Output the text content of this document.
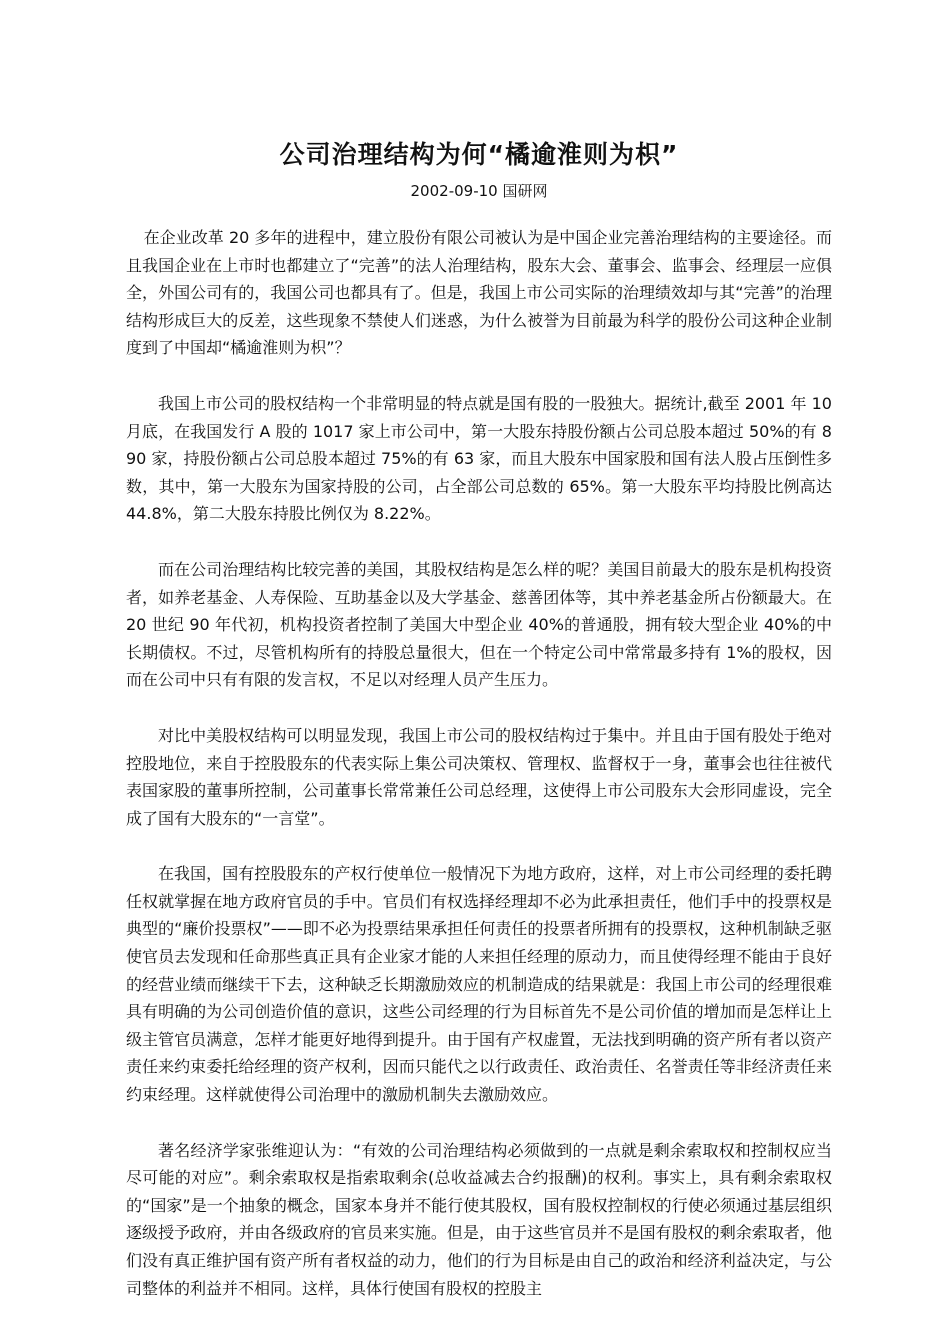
公司治理结构为何“橘逾淮则为枳”
2002-09-10 国研网

在企业改革 20 多年的进程中，建立股份有限公司被认为是中国企业完善治理结构的主要途径。而且我国企业在上市时也都建立了“完善”的法人治理结构，股东大会、董事会、监事会、经理层一应俱全，外国公司有的，我国公司也都具有了。但是，我国上市公司实际的治理绩效却与其“完善”的治理结构形成巨大的反差，这些现象不禁使人们迷惑，为什么被誉为目前最为科学的股份公司这种企业制度到了中国却“橘逾淮则为枳”？

我国上市公司的股权结构一个非常明显的特点就是国有股的一股独大。据统计,截至 2001 年 10 月底，在我国发行 A 股的 1017 家上市公司中，第一大股东持股份额占公司总股本超过 50%的有 890 家，持股份额占公司总股本超过 75%的有 63 家，而且大股东中国家股和国有法人股占压倒性多数，其中，第一大股东为国家持股的公司，占全部公司总数的 65%。第一大股东平均持股比例高达 44.8%，第二大股东持股比例仅为 8.22%。

而在公司治理结构比较完善的美国，其股权结构是怎么样的呢？美国目前最大的股东是机构投资者，如养老基金、人寿保险、互助基金以及大学基金、慈善团体等，其中养老基金所占份额最大。在 20 世纪 90 年代初，机构投资者控制了美国大中型企业 40%的普通股，拥有较大型企业 40%的中长期债权。不过，尽管机构所有的持股总量很大，但在一个特定公司中常常最多持有 1%的股权，因而在公司中只有有限的发言权，不足以对经理人员产生压力。

对比中美股权结构可以明显发现，我国上市公司的股权结构过于集中。并且由于国有股处于绝对控股地位，来自于控股股东的代表实际上集公司决策权、管理权、监督权于一身，董事会也往往被代表国家股的董事所控制，公司董事长常常兼任公司总经理，这使得上市公司股东大会形同虚设，完全成了国有大股东的“一言堂”。

在我国，国有控股股东的产权行使单位一般情况下为地方政府，这样，对上市公司经理的委托聘任权就掌握在地方政府官员的手中。官员们有权选择经理却不必为此承担责任，他们手中的投票权是典型的“廉价投票权”——即不必为投票结果承担任何责任的投票者所拥有的投票权，这种机制缺乏驱使官员去发现和任命那些真正具有企业家才能的人来担任经理的原动力，而且使得经理不能由于良好的经营业绩而继续干下去，这种缺乏长期激励效应的机制造成的结果就是：我国上市公司的经理很难具有明确的为公司创造价值的意识，这些公司经理的行为目标首先不是公司价值的增加而是怎样让上级主管官员满意，怎样才能更好地得到提升。由于国有产权虚置，无法找到明确的资产所有者以资产责任来约束委托给经理的资产权利，因而只能代之以行政责任、政治责任、名誉责任等非经济责任来约束经理。这样就使得公司治理中的激励机制失去激励效应。

著名经济学家张维迎认为：“有效的公司治理结构必须做到的一点就是剩余索取权和控制权应当尽可能的对应”。剩余索取权是指索取剩余(总收益减去合约报酬)的权利。事实上，具有剩余索取权的“国家”是一个抽象的概念，国家本身并不能行使其股权，国有股权控制权的行使必须通过基层组织逐级授予政府，并由各级政府的官员来实施。但是，由于这些官员并不是国有股权的剩余索取者，他们没有真正维护国有资产所有者权益的动力，他们的行为目标是由自己的政治和经济利益决定，与公司整体的利益并不相同。这样，具体行使国有股权的控股主
